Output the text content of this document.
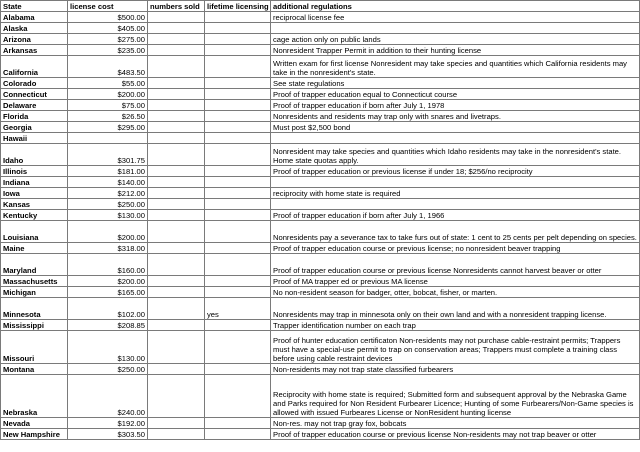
State	license cost	numbers sold	lifetime licensing	additional regulations
Alabama	$500.00			reciprocal license fee
Alaska	$405.00			
Arizona	$275.00			cage action only on public lands
Arkansas	$235.00			Nonresident Trapper Permit in addition to their hunting license
California	$483.50			Written exam for first license Nonresident may take species and quantities which California residents may take in the nonresident's state.
Colorado	$55.00			See state regulations
Connecticut	$200.00			Proof of trapper education equal to Connecticut course
Delaware	$75.00			Proof of trapper education if born after July 1, 1978
Florida	$26.50			Nonresidents and residents may trap only with snares and livetraps.
Georgia	$295.00			Must post $2,500 bond
Hawaii				
Idaho	$301.75			Nonresident may take species and quantities which Idaho residents may take in the nonresident's state. Home state quotas apply.
Illinois	$181.00			Proof of trapper education or previous license if under 18; $256/no reciprocity
Indiana	$140.00			
Iowa	$212.00			reciprocity with home state is required
Kansas	$250.00			
Kentucky	$130.00			Proof of trapper education if born after July 1, 1966
Louisiana	$200.00			Nonresidents pay a severance tax to take furs out of state: 1 cent to 25 cents per pelt depending on species.
Maine	$318.00			Proof of trapper education course or previous license; no nonresident beaver trapping
Maryland	$160.00			Proof of trapper education course or previous license Nonresidents cannot harvest beaver or otter
Massachusetts	$200.00			Proof of MA trapper ed or previous MA license
Michigan	$165.00			No non-resident season for badger, otter, bobcat, fisher, or marten.
Minnesota	$102.00		yes	Nonresidents may trap in minnesota only on their own land and with a nonresident trapping license.
Mississippi	$208.85			Trapper identification number on each trap
Missouri	$130.00			Proof of hunter education certificaton Non-residents may not purchase cable-restraint permits; Trappers must have a special-use permit to trap on conservation areas; Trappers must complete a training class before using cable restraint devices
Montana	$250.00			Non-residents may not trap state classified furbearers
Nebraska	$240.00			Reciprocity with home state is required; Submitted form and subsequent approval by the Nebraska Game and Parks required for Non Resident Furbearer Licence; Hunting of some Furbearers/Non-Game species is allowed with issued Furbeares License or NonResident hunting license
Nevada	$192.00			Non-res. may not trap gray fox, bobcats
New Hampshire	$303.50			Proof of trapper education course or previous license Non-residents may not trap beaver or otter
